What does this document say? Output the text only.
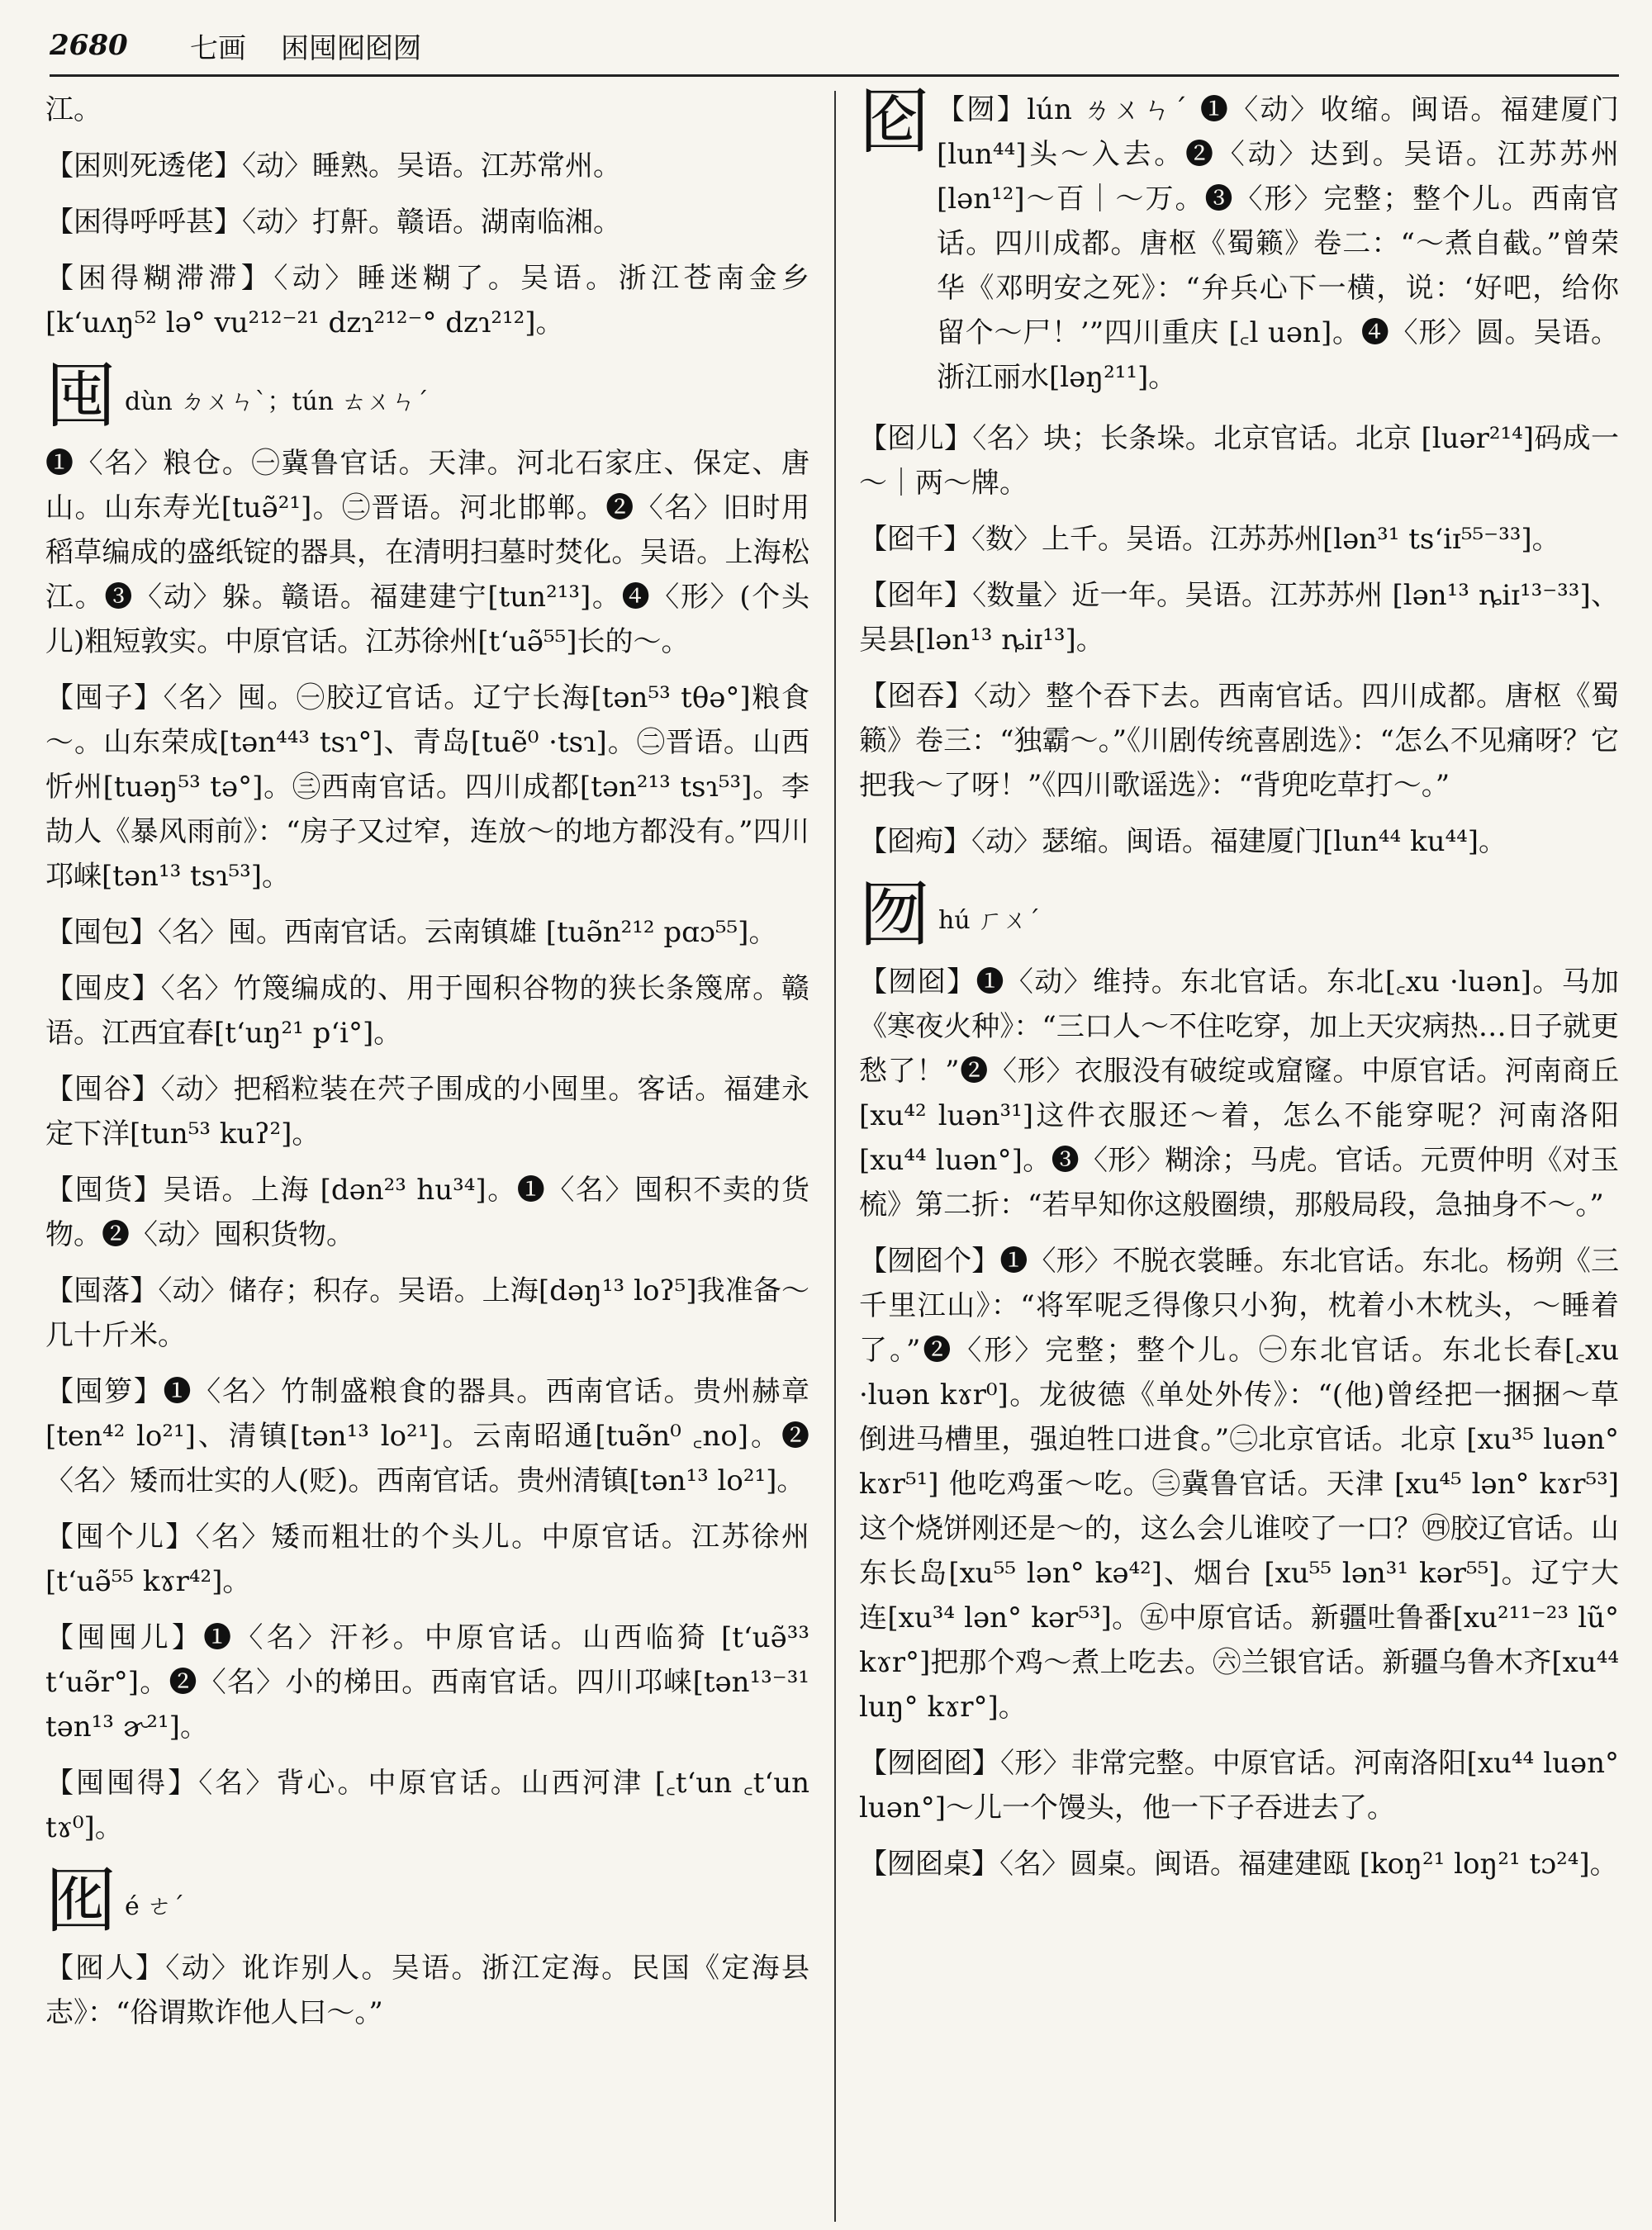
2680	七画	困囤囮囵囫
江。
【困则死透佬】〈动〉睡熟。吴语。江苏常州。
【困得呼呼甚】〈动〉打鼾。赣语。湖南临湘。
【困得糊滞滞】〈动〉睡迷糊了。吴语。浙江苍南金乡[kʻuʌŋ⁵² lə° vu²¹²⁻²¹ dzɿ²¹²⁻° dzɿ²¹²]。
囤 dùn ㄉㄨㄣˋ；tún ㄊㄨㄣˊ
❶〈名〉粮仓。㊀冀鲁官话。天津。河北石家庄、保定、唐山。山东寿光[tuə̃²¹]。㊁晋语。河北邯郸。❷〈名〉旧时用稻草编成的盛纸锭的器具，在清明扫墓时焚化。吴语。上海松江。❸〈动〉躲。赣语。福建建宁[tun²¹³]。❹〈形〉(个头儿)粗短敦实。中原官话。江苏徐州[tʻuə̃⁵⁵]长的～。
【囤子】〈名〉囤。㊀胶辽官话。辽宁长海[tən⁵³ tθə°]粮食～。山东荣成[tən⁴⁴³ tsɿ°]、青岛[tuẽ⁰ ·tsɿ]。㊁晋语。山西忻州[tuəŋ⁵³ tə°]。㊂西南官话。四川成都[tən²¹³ tsɿ⁵³]。李劼人《暴风雨前》：“房子又过窄，连放～的地方都没有。”四川邛崃[tən¹³ tsɿ⁵³]。
【囤包】〈名〉囤。西南官话。云南镇雄 [tuə̃n²¹² pɑɔ⁵⁵]。
【囤皮】〈名〉竹篾编成的、用于囤积谷物的狭长条篾席。赣语。江西宜春[tʻuŋ²¹ pʻi°]。
【囤谷】〈动〉把稻粒装在茓子围成的小囤里。客话。福建永定下洋[tun⁵³ kuʔ²]。
【囤货】吴语。上海 [dən²³ hu³⁴]。❶〈名〉囤积不卖的货物。❷〈动〉囤积货物。
【囤落】〈动〉储存；积存。吴语。上海[dəŋ¹³ loʔ⁵]我准备～几十斤米。
【囤箩】❶〈名〉竹制盛粮食的器具。西南官话。贵州赫章[ten⁴² lo²¹]、清镇[tən¹³ lo²¹]。云南昭通[tuə̃n⁰ ꜀no]。❷〈名〉矮而壮实的人(贬)。西南官话。贵州清镇[tən¹³ lo²¹]。
【囤个儿】〈名〉矮而粗壮的个头儿。中原官话。江苏徐州[tʻuə̃⁵⁵ kɤr⁴²]。
【囤囤儿】❶〈名〉汗衫。中原官话。山西临猗 [tʻuə̃³³ tʻuə̃r°]。❷〈名〉小的梯田。西南官话。四川邛崃[tən¹³⁻³¹ tən¹³ ɚ²¹]。
【囤囤得】〈名〉背心。中原官话。山西河津 [꜀tʻun ꜀tʻun tɤ⁰]。
囮 é ㄜˊ
【囮人】〈动〉讹诈别人。吴语。浙江定海。民国《定海县志》：“俗谓欺诈他人曰～。”
囵 【囫】lún ㄌㄨㄣˊ ❶〈动〉收缩。闽语。福建厦门[lun⁴⁴]头～入去。❷〈动〉达到。吴语。江苏苏州[lən¹²]～百｜～万。❸〈形〉完整；整个儿。西南官话。四川成都。唐枢《蜀籁》卷二：“～煮自截。”曾荣华《邓明安之死》：“弁兵心下一横，说：‘好吧，给你留个～尸！’”四川重庆 [꜀l uən]。❹〈形〉圆。吴语。浙江丽水[ləŋ²¹¹]。
【囵儿】〈名〉块；长条垛。北京官话。北京 [luər²¹⁴]码成一～｜两～牌。
【囵千】〈数〉上千。吴语。江苏苏州[lən³¹ tsʻiɪ⁵⁵⁻³³]。
【囵年】〈数量〉近一年。吴语。江苏苏州 [lən¹³ ȵiɪ¹³⁻³³]、吴县[lən¹³ ȵiɪ¹³]。
【囵吞】〈动〉整个吞下去。西南官话。四川成都。唐枢《蜀籁》卷三：“独霸～。”《川剧传统喜剧选》：“怎么不见痛呀？它把我～了呀！”《四川歌谣选》：“背兜吃草打～。”
【囵痀】〈动〉瑟缩。闽语。福建厦门[lun⁴⁴ ku⁴⁴]。
囫 hú ㄏㄨˊ
【囫囵】❶〈动〉维持。东北官话。东北[꜀xu ·luən]。马加《寒夜火种》：“三口人～不住吃穿，加上天灾病热…日子就更愁了！”❷〈形〉衣服没有破绽或窟窿。中原官话。河南商丘[xu⁴² luən³¹]这件衣服还～着，怎么不能穿呢？河南洛阳[xu⁴⁴ luən°]。❸〈形〉糊涂；马虎。官话。元贾仲明《对玉梳》第二折：“若早知你这般圈缋，那般局段，急抽身不～。”
【囫囵个】❶〈形〉不脱衣裳睡。东北官话。东北。杨朔《三千里江山》：“将军呢乏得像只小狗，枕着小木枕头，～睡着了。”❷〈形〉完整；整个儿。㊀东北官话。东北长春[꜀xu ·luən kɤr⁰]。龙彼德《单处外传》：“(他)曾经把一捆捆～草倒进马槽里，强迫牲口进食。”㊁北京官话。北京 [xu³⁵ luən° kɤr⁵¹] 他吃鸡蛋～吃。㊂冀鲁官话。天津 [xu⁴⁵ lən° kɤr⁵³]这个烧饼刚还是～的，这么会儿谁咬了一口？㊃胶辽官话。山东长岛[xu⁵⁵ lən° kə⁴²]、烟台 [xu⁵⁵ lən³¹ kər⁵⁵]。辽宁大连[xu³⁴ lən° kər⁵³]。㊄中原官话。新疆吐鲁番[xu²¹¹⁻²³ lũ° kɤr°]把那个鸡～煮上吃去。㊅兰银官话。新疆乌鲁木齐[xu⁴⁴ luŋ° kɤr°]。
【囫囵囵】〈形〉非常完整。中原官话。河南洛阳[xu⁴⁴ luən° luən°]～儿一个馒头，他一下子吞进去了。
【囫囵桌】〈名〉圆桌。闽语。福建建瓯 [koŋ²¹ loŋ²¹ tɔ²⁴]。
